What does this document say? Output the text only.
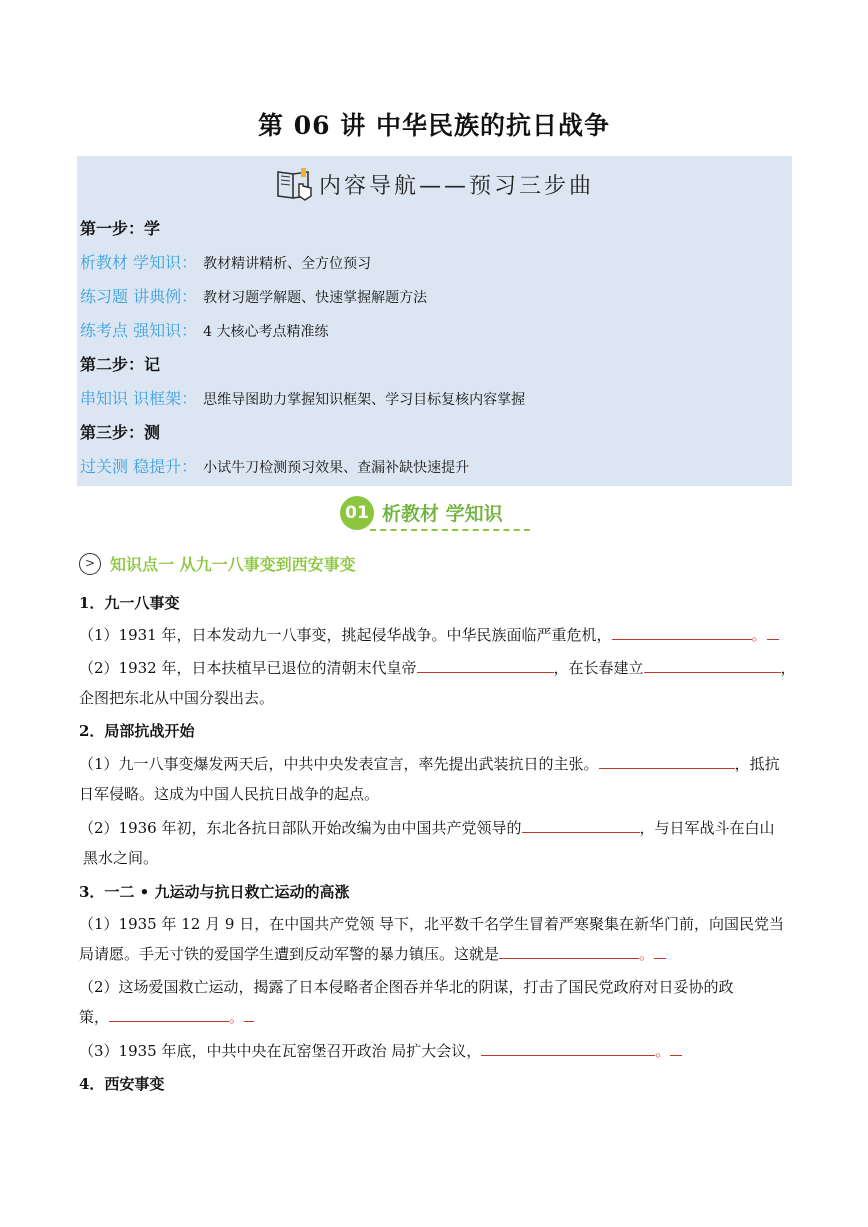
第 06 讲 中华民族的抗日战争
内容导航——预习三步曲
第一步：学
析教材 学知识： 教材精讲精析、全方位预习
练习题 讲典例： 教材习题学解题、快速掌握解题方法
练考点 强知识： 4 大核心考点精准练
第二步：记
串知识 识框架： 思维导图助力掌握知识框架、学习目标复核内容掌握
第三步：测
过关测 稳提升： 小试牛刀检测预习效果、查漏补缺快速提升
01 析教材 学知识
> 知识点一 从九一八事变到西安事变
1．九一八事变
（1）1931 年，日本发动九一八事变，挑起侵华战争。中华民族面临严重危机，	。
（2）1932 年，日本扶植早已退位的清朝末代皇帝	，在长春建立	，
企图把东北从中国分裂出去。
2．局部抗战开始
（1）九一八事变爆发两天后，中共中央发表宣言，率先提出武装抗日的主张。	，抵抗
日军侵略。这成为中国人民抗日战争的起点。
（2）1936 年初，东北各抗日部队开始改编为由中国共产党领导的	，与日军战斗在白山
黑水之间。
3．一二 • 九运动与抗日救亡运动的高涨
（1）1935 年 12 月 9 日，在中国共产党领 导下，北平数千名学生冒着严寒聚集在新华门前，向国民党当
局请愿。手无寸铁的爱国学生遭到反动军警的暴力镇压。这就是	。
（2）这场爱国救亡运动，揭露了日本侵略者企图吞并华北的阴谋，打击了国民党政府对日妥协的政
策，	。
（3）1935 年底，中共中央在瓦窑堡召开政治 局扩大会议，	。
4．西安事变
